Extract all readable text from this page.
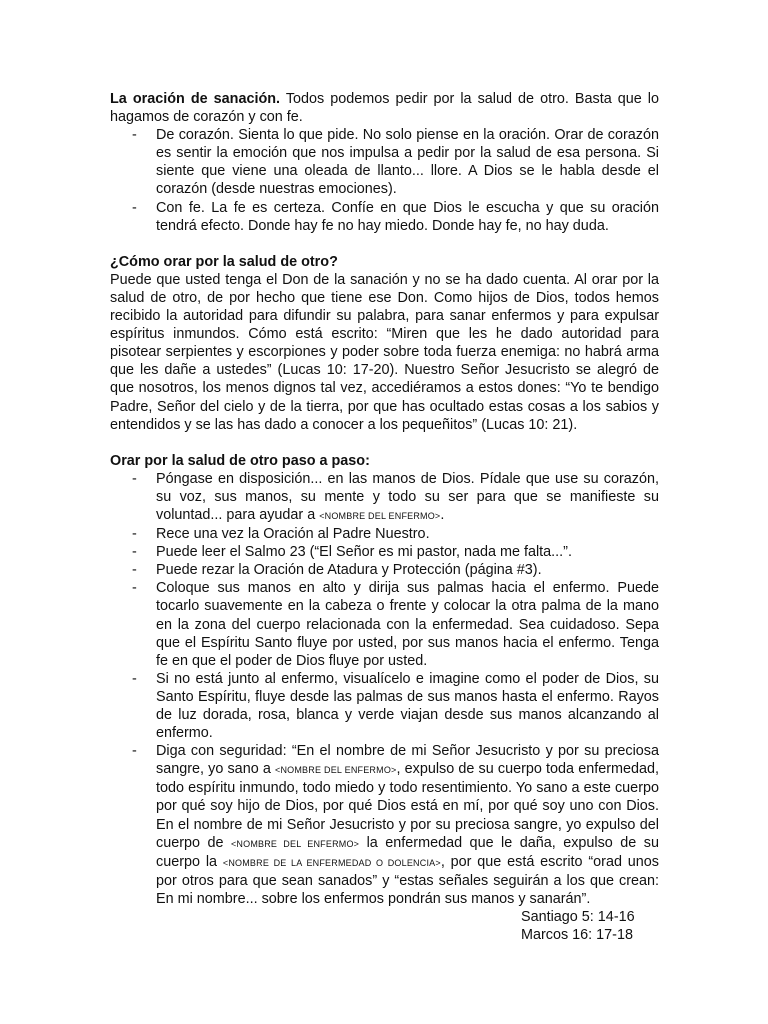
La oración de sanación. Todos podemos pedir por la salud de otro. Basta que lo hagamos de corazón y con fe.

- De corazón. Sienta lo que pide. No solo piense en la oración. Orar de corazón es sentir la emoción que nos impulsa a pedir por la salud de esa persona. Si siente que viene una oleada de llanto... llore. A Dios se le habla desde el corazón (desde nuestras emociones).
- Con fe. La fe es certeza. Confíe en que Dios le escucha y que su oración tendrá efecto. Donde hay fe no hay miedo. Donde hay fe, no hay duda.

¿Cómo orar por la salud de otro?

Puede que usted tenga el Don de la sanación y no se ha dado cuenta. Al orar por la salud de otro, de por hecho que tiene ese Don. Como hijos de Dios, todos hemos recibido la autoridad para difundir su palabra, para sanar enfermos y para expulsar espíritus inmundos. Cómo está escrito: “Miren que les he dado autoridad para pisotear serpientes y escorpiones y poder sobre toda fuerza enemiga: no habrá arma que les dañe a ustedes” (Lucas 10: 17-20). Nuestro Señor Jesucristo se alegró de que nosotros, los menos dignos tal vez, accediéramos a estos dones: “Yo te bendigo Padre, Señor del cielo y de la tierra, por que has ocultado estas cosas a los sabios y entendidos y se las has dado a conocer a los pequeñitos” (Lucas 10: 21).

Orar por la salud de otro paso a paso:

- Póngase en disposición... en las manos de Dios. Pídale que use su corazón, su voz, sus manos, su mente y todo su ser para que se manifieste su voluntad... para ayudar a <NOMBRE DEL ENFERMO>.
- Rece una vez la Oración al Padre Nuestro.
- Puede leer el Salmo 23 (“El Señor es mi pastor, nada me falta...”.
- Puede rezar la Oración de Atadura y Protección (página #3).
- Coloque sus manos en alto y dirija sus palmas hacia el enfermo. Puede tocarlo suavemente en la cabeza o frente y colocar la otra palma de la mano en la zona del cuerpo relacionada con la enfermedad. Sea cuidadoso. Sepa que el Espíritu Santo fluye por usted, por sus manos hacia el enfermo. Tenga fe en que el poder de Dios fluye por usted.
- Si no está junto al enfermo, visualícelo e imagine como el poder de Dios, su Santo Espíritu, fluye desde las palmas de sus manos hasta el enfermo. Rayos de luz dorada, rosa, blanca y verde viajan desde sus manos alcanzando al enfermo.
- Diga con seguridad: “En el nombre de mi Señor Jesucristo y por su preciosa sangre, yo sano a <NOMBRE DEL ENFERMO>, expulso de su cuerpo toda enfermedad, todo espíritu inmundo, todo miedo y todo resentimiento. Yo sano a este cuerpo por qué soy hijo de Dios, por qué Dios está en mí, por qué soy uno con Dios. En el nombre de mi Señor Jesucristo y por su preciosa sangre, yo expulso del cuerpo de <NOMBRE DEL ENFERMO> la enfermedad que le daña, expulso de su cuerpo la <NOMBRE DE LA ENFERMEDAD O DOLENCIA>, por que está escrito “orad unos por otros para que sean sanados” y “estas señales seguirán a los que crean: En mi nombre... sobre los enfermos pondrán sus manos y sanarán”.
Santiago 5: 14-16
Marcos 16: 17-18
